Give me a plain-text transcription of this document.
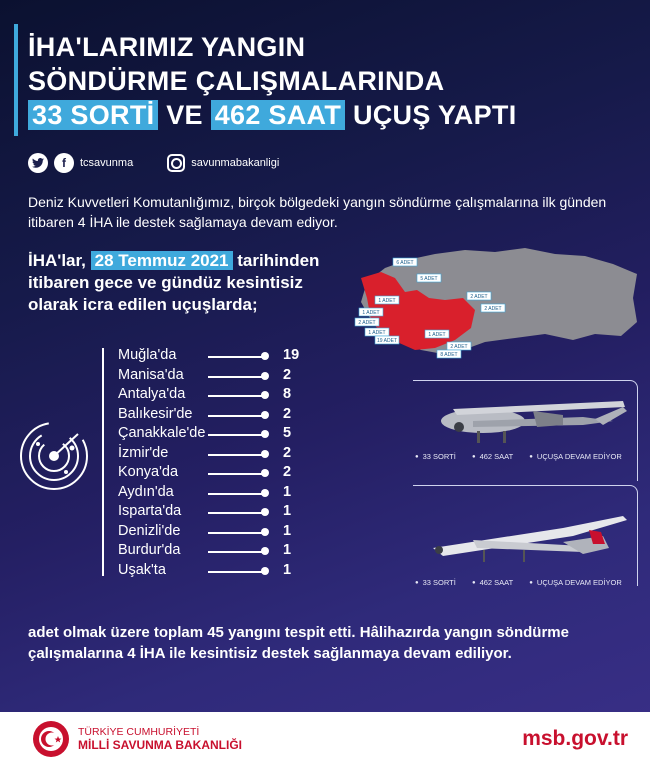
İHA'LARIMIZ YANGIN
SÖNDÜRME ÇALIŞMALARINDA
33 SORTİ VE 462 SAAT UÇUŞ YAPTI
f	tcsavunma	savunmabakanligi
Deniz Kuvvetleri Komutanlığımız, birçok bölgedeki yangın söndürme çalışmalarına ilk günden itibaren 4 İHA ile destek sağlamaya devam ediyor.
İHA'lar, 28 Temmuz 2021 tarihinden
itibaren gece ve gündüz kesintisiz
olarak icra edilen uçuşlarda;
6 ADET
5 ADET
2 ADET
2 ADET
1 ADET
1 ADET
2 ADET
1 ADET
19 ADET
1 ADET
2 ADET
8 ADET
Muğla'da	19
Manisa'da	2
Antalya'da	8
Balıkesir'de	2
Çanakkale'de	5
İzmir'de	2
Konya'da	2
Aydın'da	1
Isparta'da	1
Denizli'de	1
Burdur'da	1
Uşak'ta	1
● 33 SORTİ	● 462 SAAT	● UÇUŞA DEVAM EDİYOR
● 33 SORTİ	● 462 SAAT	● UÇUŞA DEVAM EDİYOR
adet olmak üzere toplam 45 yangını tespit etti. Hâlihazırda yangın söndürme çalışmalarına 4 İHA ile kesintisiz destek sağlanmaya devam ediliyor.
TÜRKİYE CUMHURİYETİ
MİLLİ SAVUNMA BAKANLIĞI	msb.gov.tr
